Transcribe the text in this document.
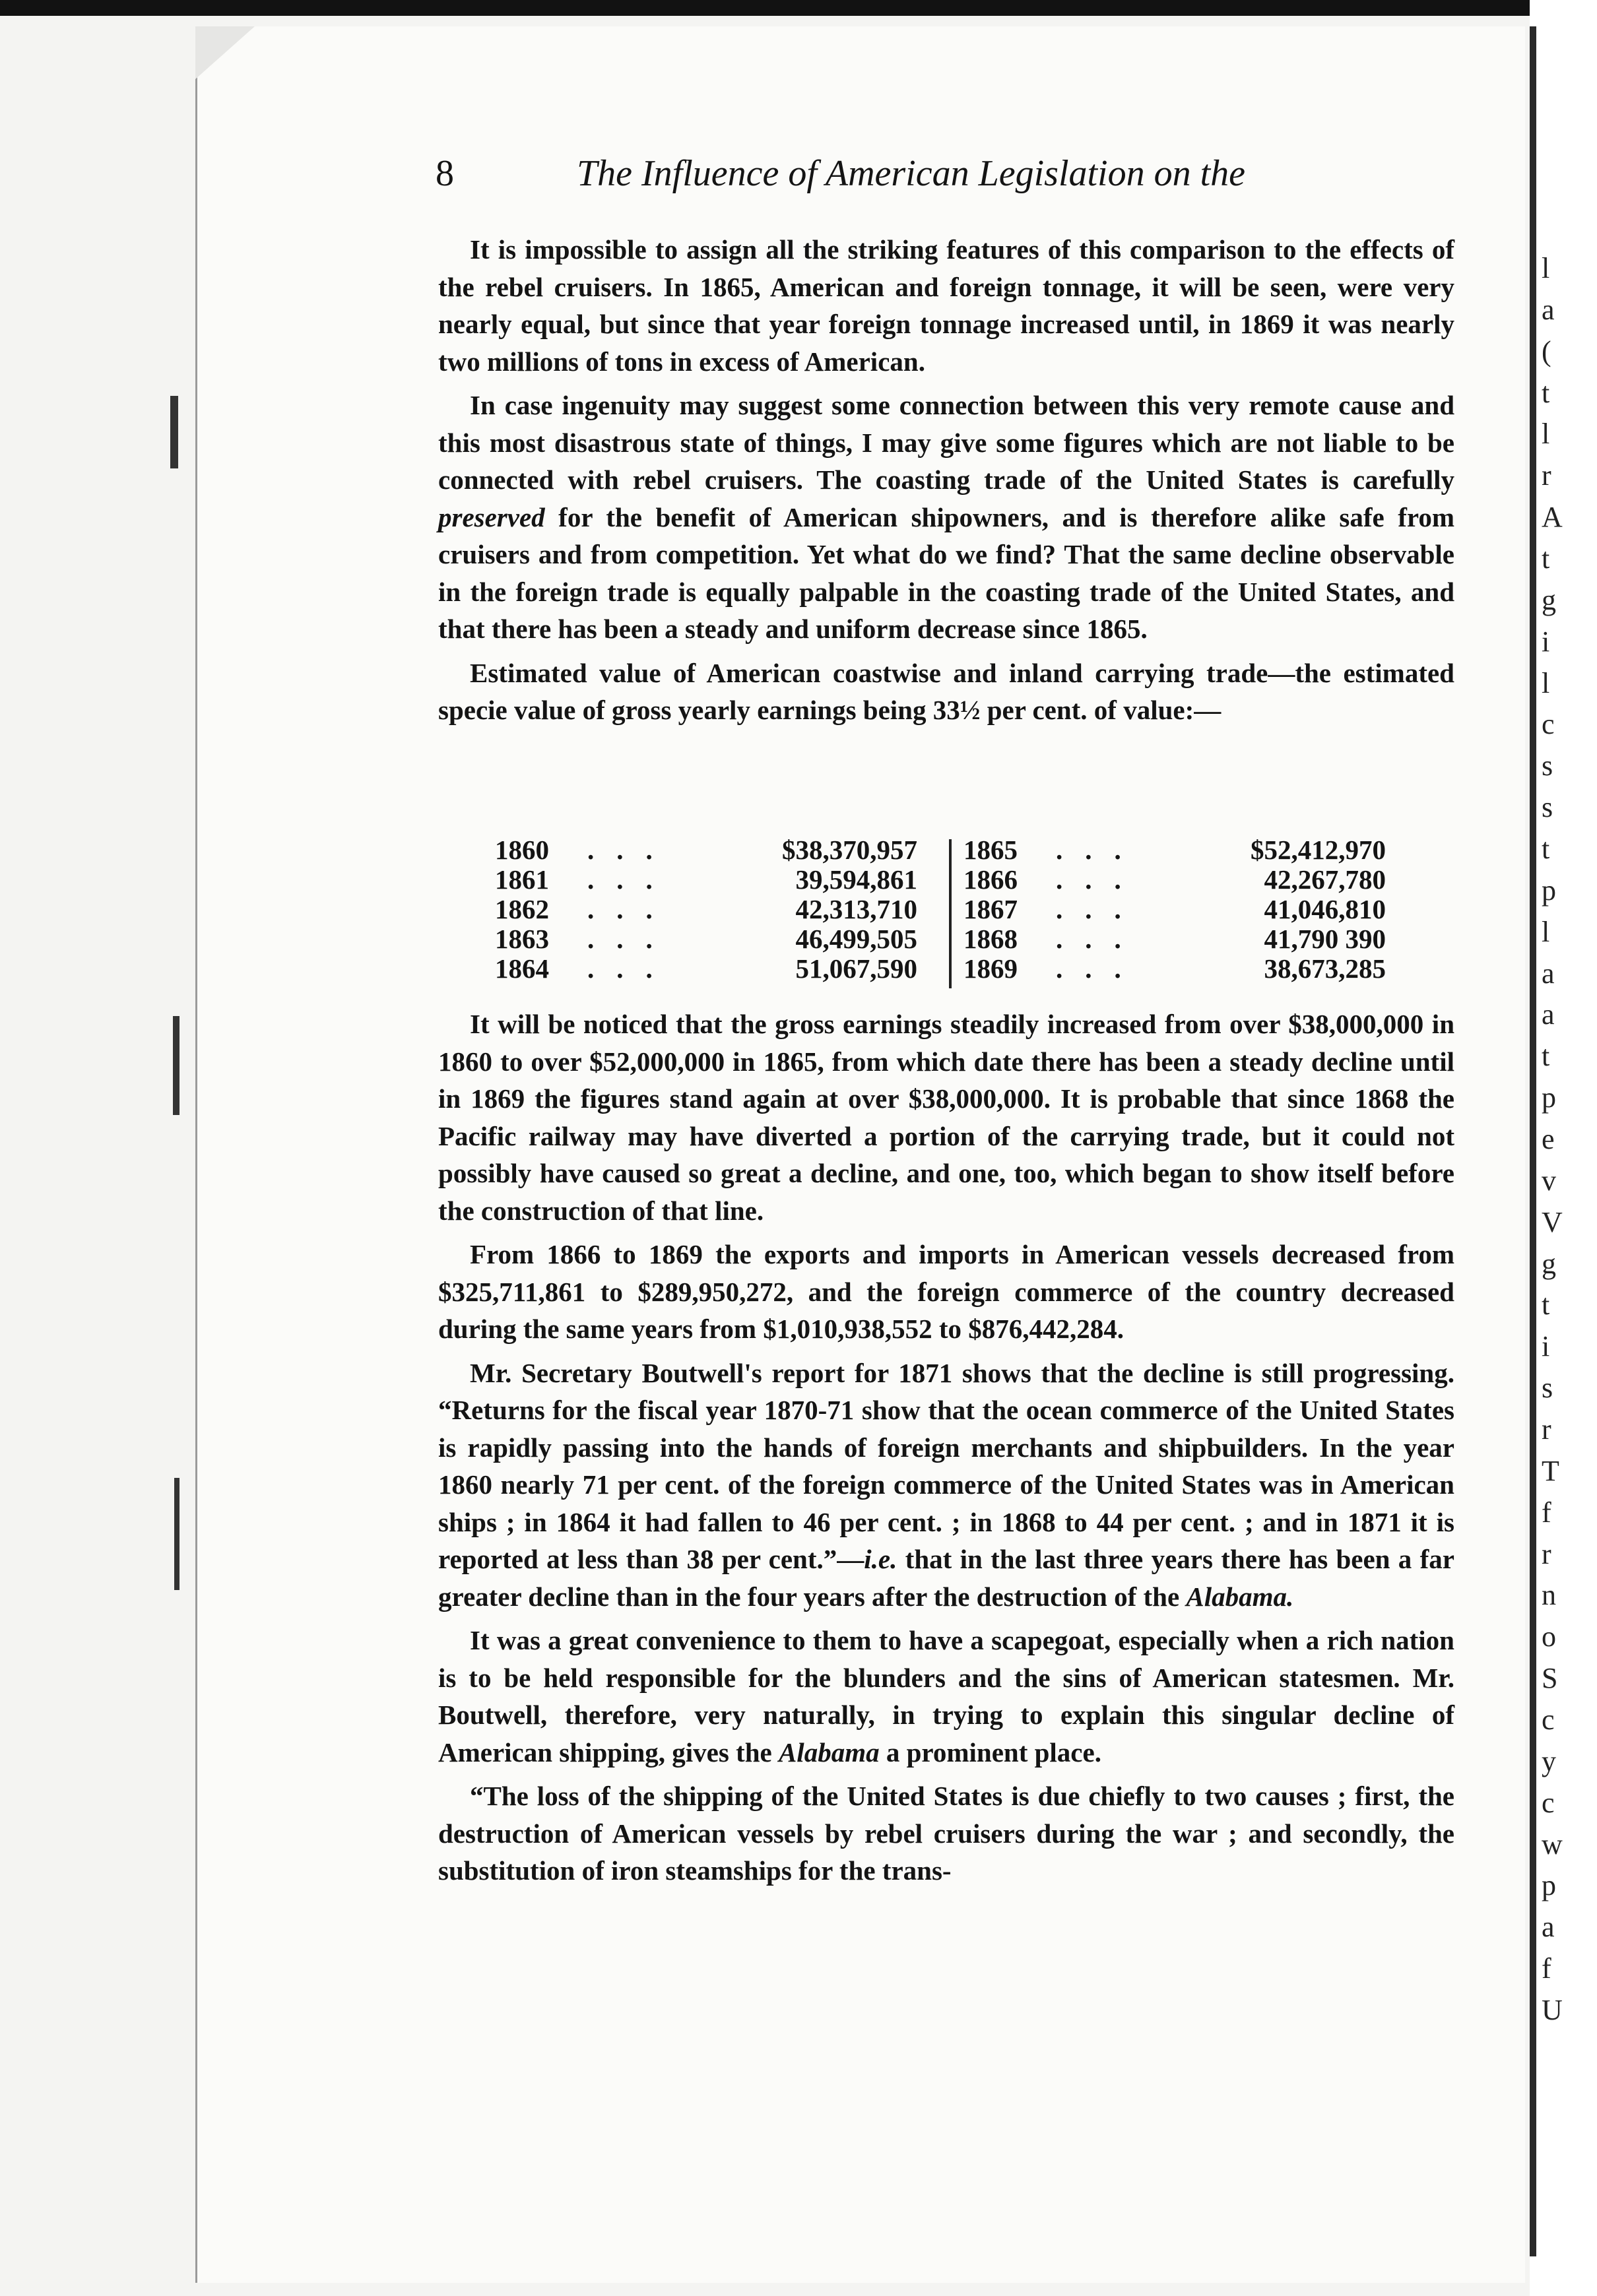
8	The Influence of American Legislation on the

It is impossible to assign all the striking features of this comparison to the effects of the rebel cruisers. In 1865, American and foreign tonnage, it will be seen, were very nearly equal, but since that year foreign tonnage increased until, in 1869 it was nearly two millions of tons in excess of American.

In case ingenuity may suggest some connection between this very remote cause and this most disastrous state of things, I may give some figures which are not liable to be connected with rebel cruisers. The coasting trade of the United States is carefully preserved for the benefit of American shipowners, and is therefore alike safe from cruisers and from competition. Yet what do we find? That the same decline observable in the foreign trade is equally palpable in the coasting trade of the United States, and that there has been a steady and uniform decrease since 1865.

Estimated value of American coastwise and inland carrying trade—the estimated specie value of gross yearly earnings being 33½ per cent. of value:—

1860 ...	$38,370,957
1861 ...	39,594,861
1862 ...	42,313,710
1863 ...	46,499,505
1864 ...	51,067,590
1865 ...	$52,412,970
1866 ...	42,267,780
1867 ...	41,046,810
1868 ...	41,790 390
1869 ...	38,673,285

It will be noticed that the gross earnings steadily increased from over $38,000,000 in 1860 to over $52,000,000 in 1865, from which date there has been a steady decline until in 1869 the figures stand again at over $38,000,000. It is probable that since 1868 the Pacific railway may have diverted a portion of the carrying trade, but it could not possibly have caused so great a decline, and one, too, which began to show itself before the construction of that line.

From 1866 to 1869 the exports and imports in American vessels decreased from $325,711,861 to $289,950,272, and the foreign commerce of the country decreased during the same years from $1,010,938,552 to $876,442,284.

Mr. Secretary Boutwell's report for 1871 shows that the decline is still progressing. “Returns for the fiscal year 1870-71 show that the ocean commerce of the United States is rapidly passing into the hands of foreign merchants and shipbuilders. In the year 1860 nearly 71 per cent. of the foreign commerce of the United States was in American ships ; in 1864 it had fallen to 46 per cent. ; in 1868 to 44 per cent. ; and in 1871 it is reported at less than 38 per cent.”—i.e. that in the last three years there has been a far greater decline than in the four years after the destruction of the Alabama.

It was a great convenience to them to have a scapegoat, especially when a rich nation is to be held responsible for the blunders and the sins of American statesmen. Mr. Boutwell, therefore, very naturally, in trying to explain this singular decline of American shipping, gives the Alabama a prominent place.

“The loss of the shipping of the United States is due chiefly to two causes ; first, the destruction of American vessels by rebel cruisers during the war ; and secondly, the substitution of iron steamships for the trans-

l
a
(
t
l
r
A
t
g
i
l
c
s
s
t
p
l
a
a
t
p
e
v
V
g
t
i
s
r
T
f
r
n
o
S
c
y
c
w
p
a
f
U
